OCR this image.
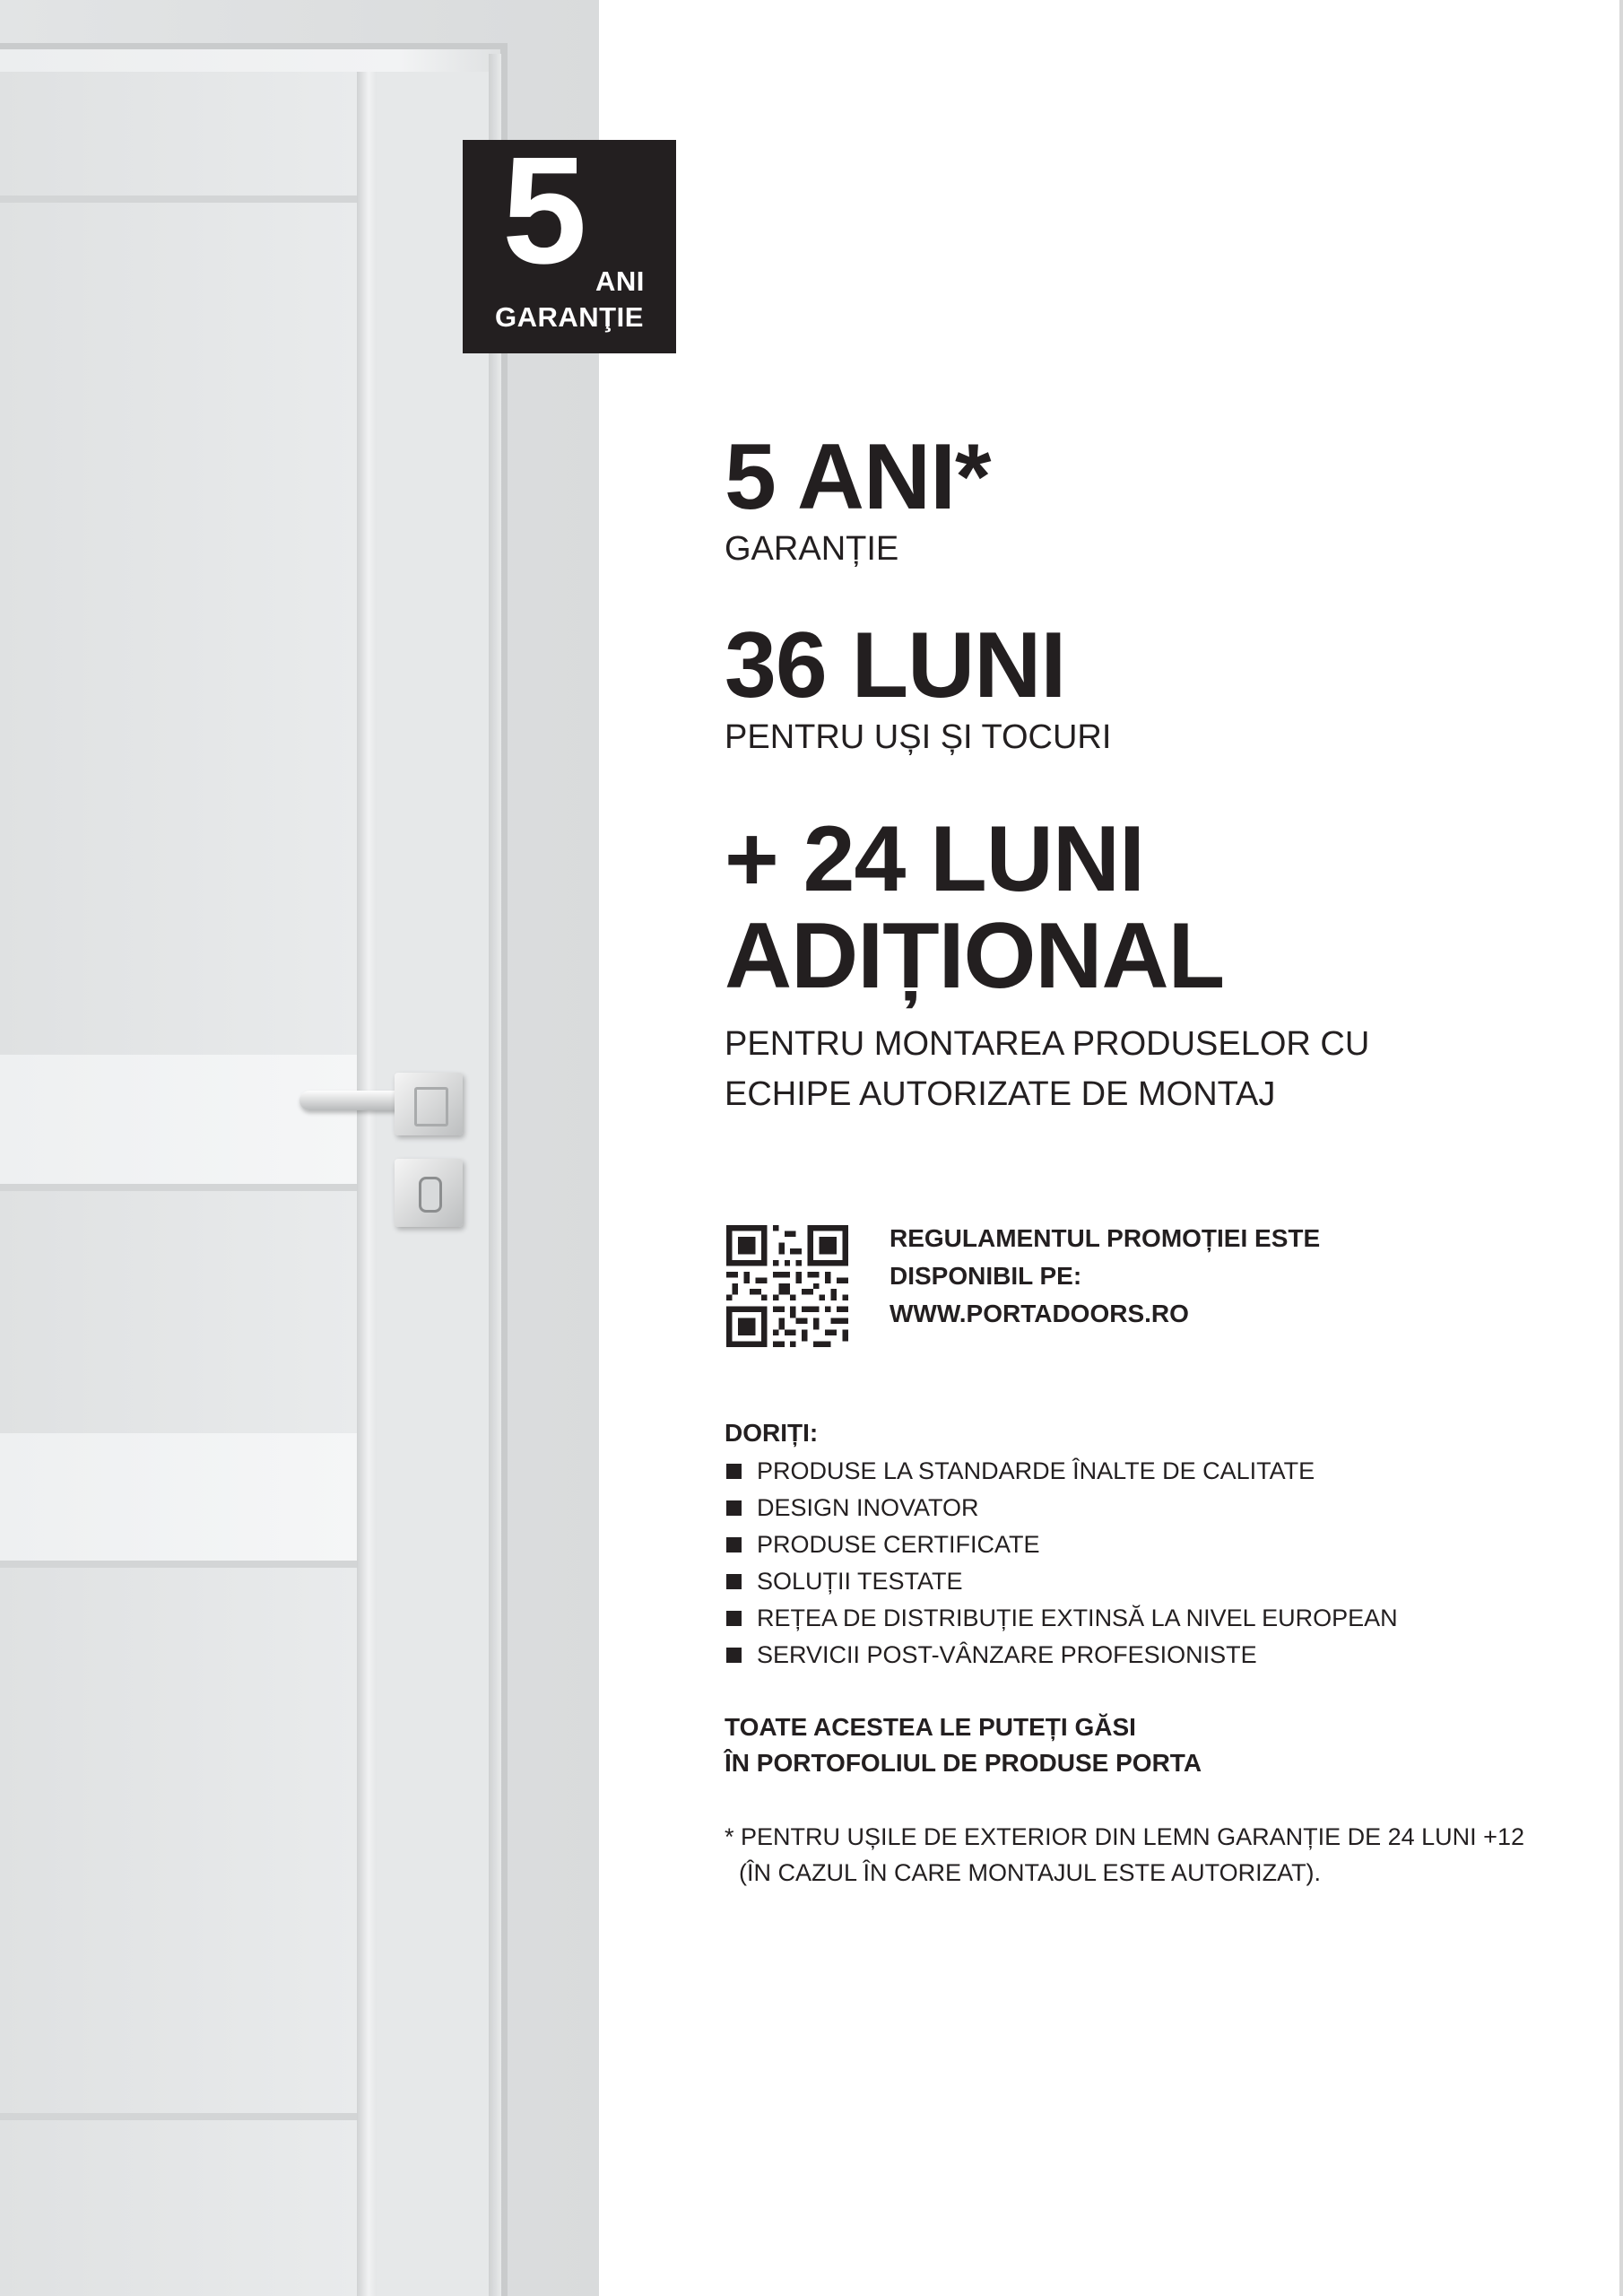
5 ANI
GARANŢIE
5 ANI*
GARANȚIE
36 LUNI
PENTRU UȘI ȘI TOCURI
+ 24 LUNI
ADIȚIONAL
PENTRU MONTAREA PRODUSELOR CU
ECHIPE AUTORIZATE DE MONTAJ
REGULAMENTUL PROMOȚIEI ESTE
DISPONIBIL PE:
WWW.PORTADOORS.RO
DORIȚI:
PRODUSE LA STANDARDE ÎNALTE DE CALITATE
DESIGN INOVATOR
PRODUSE CERTIFICATE
SOLUȚII TESTATE
REȚEA DE DISTRIBUȚIE EXTINSĂ LA NIVEL EUROPEAN
SERVICII POST-VÂNZARE PROFESIONISTE
TOATE ACESTEA LE PUTEȚI GĂSI
ÎN PORTOFOLIUL DE PRODUSE PORTA
* PENTRU UȘILE DE EXTERIOR DIN LEMN GARANȚIE DE 24 LUNI +12
(ÎN CAZUL ÎN CARE MONTAJUL ESTE AUTORIZAT).
